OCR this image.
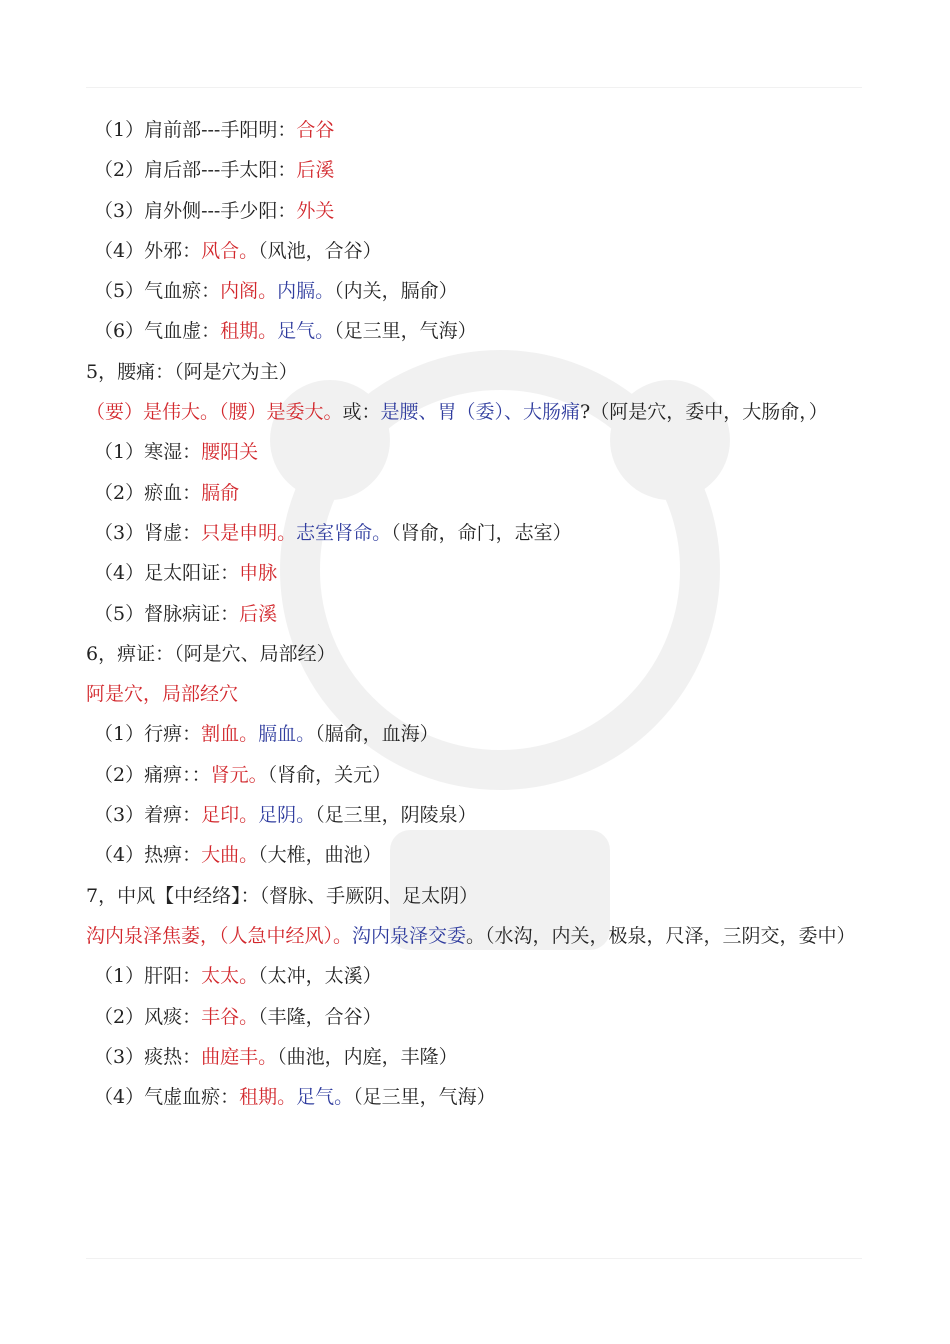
（1）肩前部---手阳明：合谷
（2）肩后部---手太阳：后溪
（3）肩外侧---手少阳：外关
（4）外邪：风合。（风池，合谷）
（5）气血瘀：内阁。内膈。（内关，膈俞）
（6）气血虚：租期。足气。（足三里，气海）
5，腰痛：（阿是穴为主）
（要）是伟大。（腰）是委大。或：是腰、胃（委）、大肠痛?（阿是穴，委中，大肠俞，）
（1）寒湿：腰阳关
（2）瘀血：膈俞
（3）肾虚：只是申明。志室肾命。（肾俞，命门，志室）
（4）足太阳证：申脉
（5）督脉病证：后溪
6，痹证：（阿是穴、局部经）
阿是穴，局部经穴
（1）行痹：割血。膈血。（膈俞，血海）
（2）痛痹：：肾元。（肾俞，关元）
（3）着痹：足印。足阴。（足三里，阴陵泉）
（4）热痹：大曲。（大椎，曲池）
7，中风【中经络】：（督脉、手厥阴、足太阴）
沟内泉泽焦萎，（人急中经风）。沟内泉泽交委。（水沟，内关，极泉，尺泽，三阴交，委中）
（1）肝阳：太太。（太冲，太溪）
（2）风痰：丰谷。（丰隆，合谷）
（3）痰热：曲庭丰。（曲池，内庭，丰隆）
（4）气虚血瘀：租期。足气。（足三里，气海）
